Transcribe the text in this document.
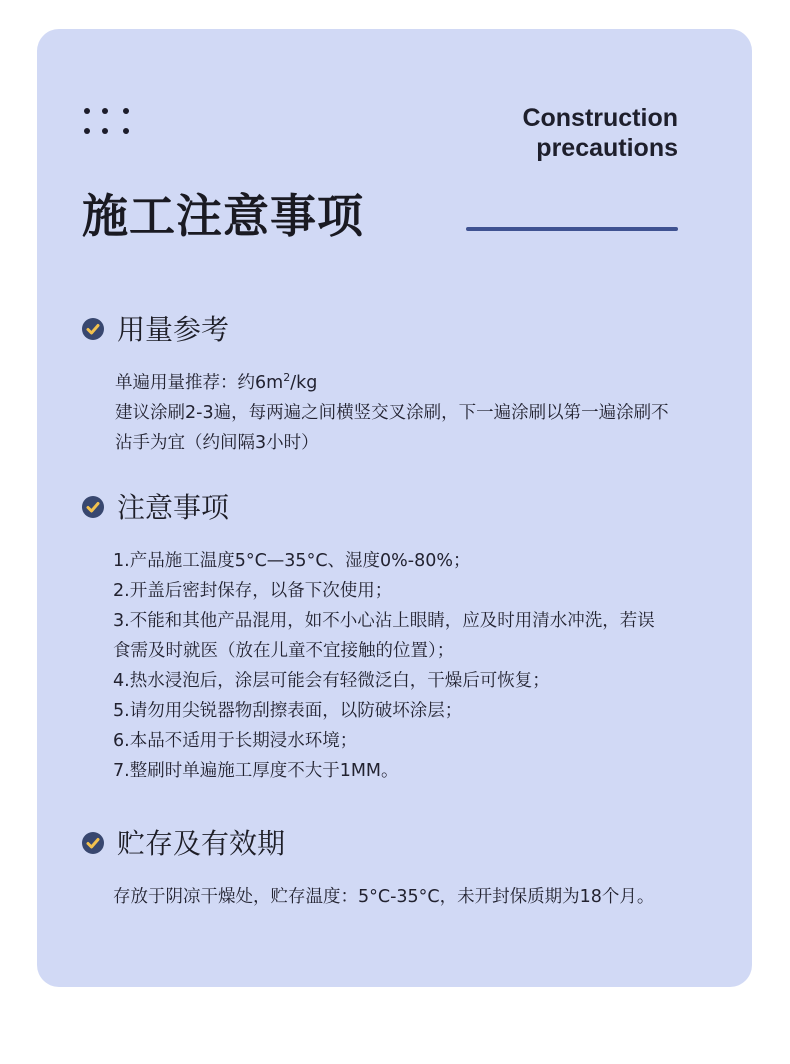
Construction
precautions
施工注意事项
用量参考

单遍用量推荐：约$6m^2/kg$

建议涂刷2-3遍，每两遍之间横竖交叉涂刷，下一遍涂刷以第一遍涂刷不

沾手为宜（约间隔3小时）

注意事项

1.产品施工温度5°C—35°C、湿度0%-80%；

2.开盖后密封保存，以备下次使用；

3.不能和其他产品混用，如不小心沾上眼睛，应及时用清水冲洗，若误

食需及时就医（放在儿童不宜接触的位置）；

4.热水浸泡后，涂层可能会有轻微泛白，干燥后可恢复；

5.请勿用尖锐器物刮擦表面，以防破坏涂层；

6.本品不适用于长期浸水环境；

7.整刷时单遍施工厚度不大于1MM。

贮存及有效期

存放于阴凉干燥处，贮存温度：5°C-35°C，未开封保质期为18个月。
